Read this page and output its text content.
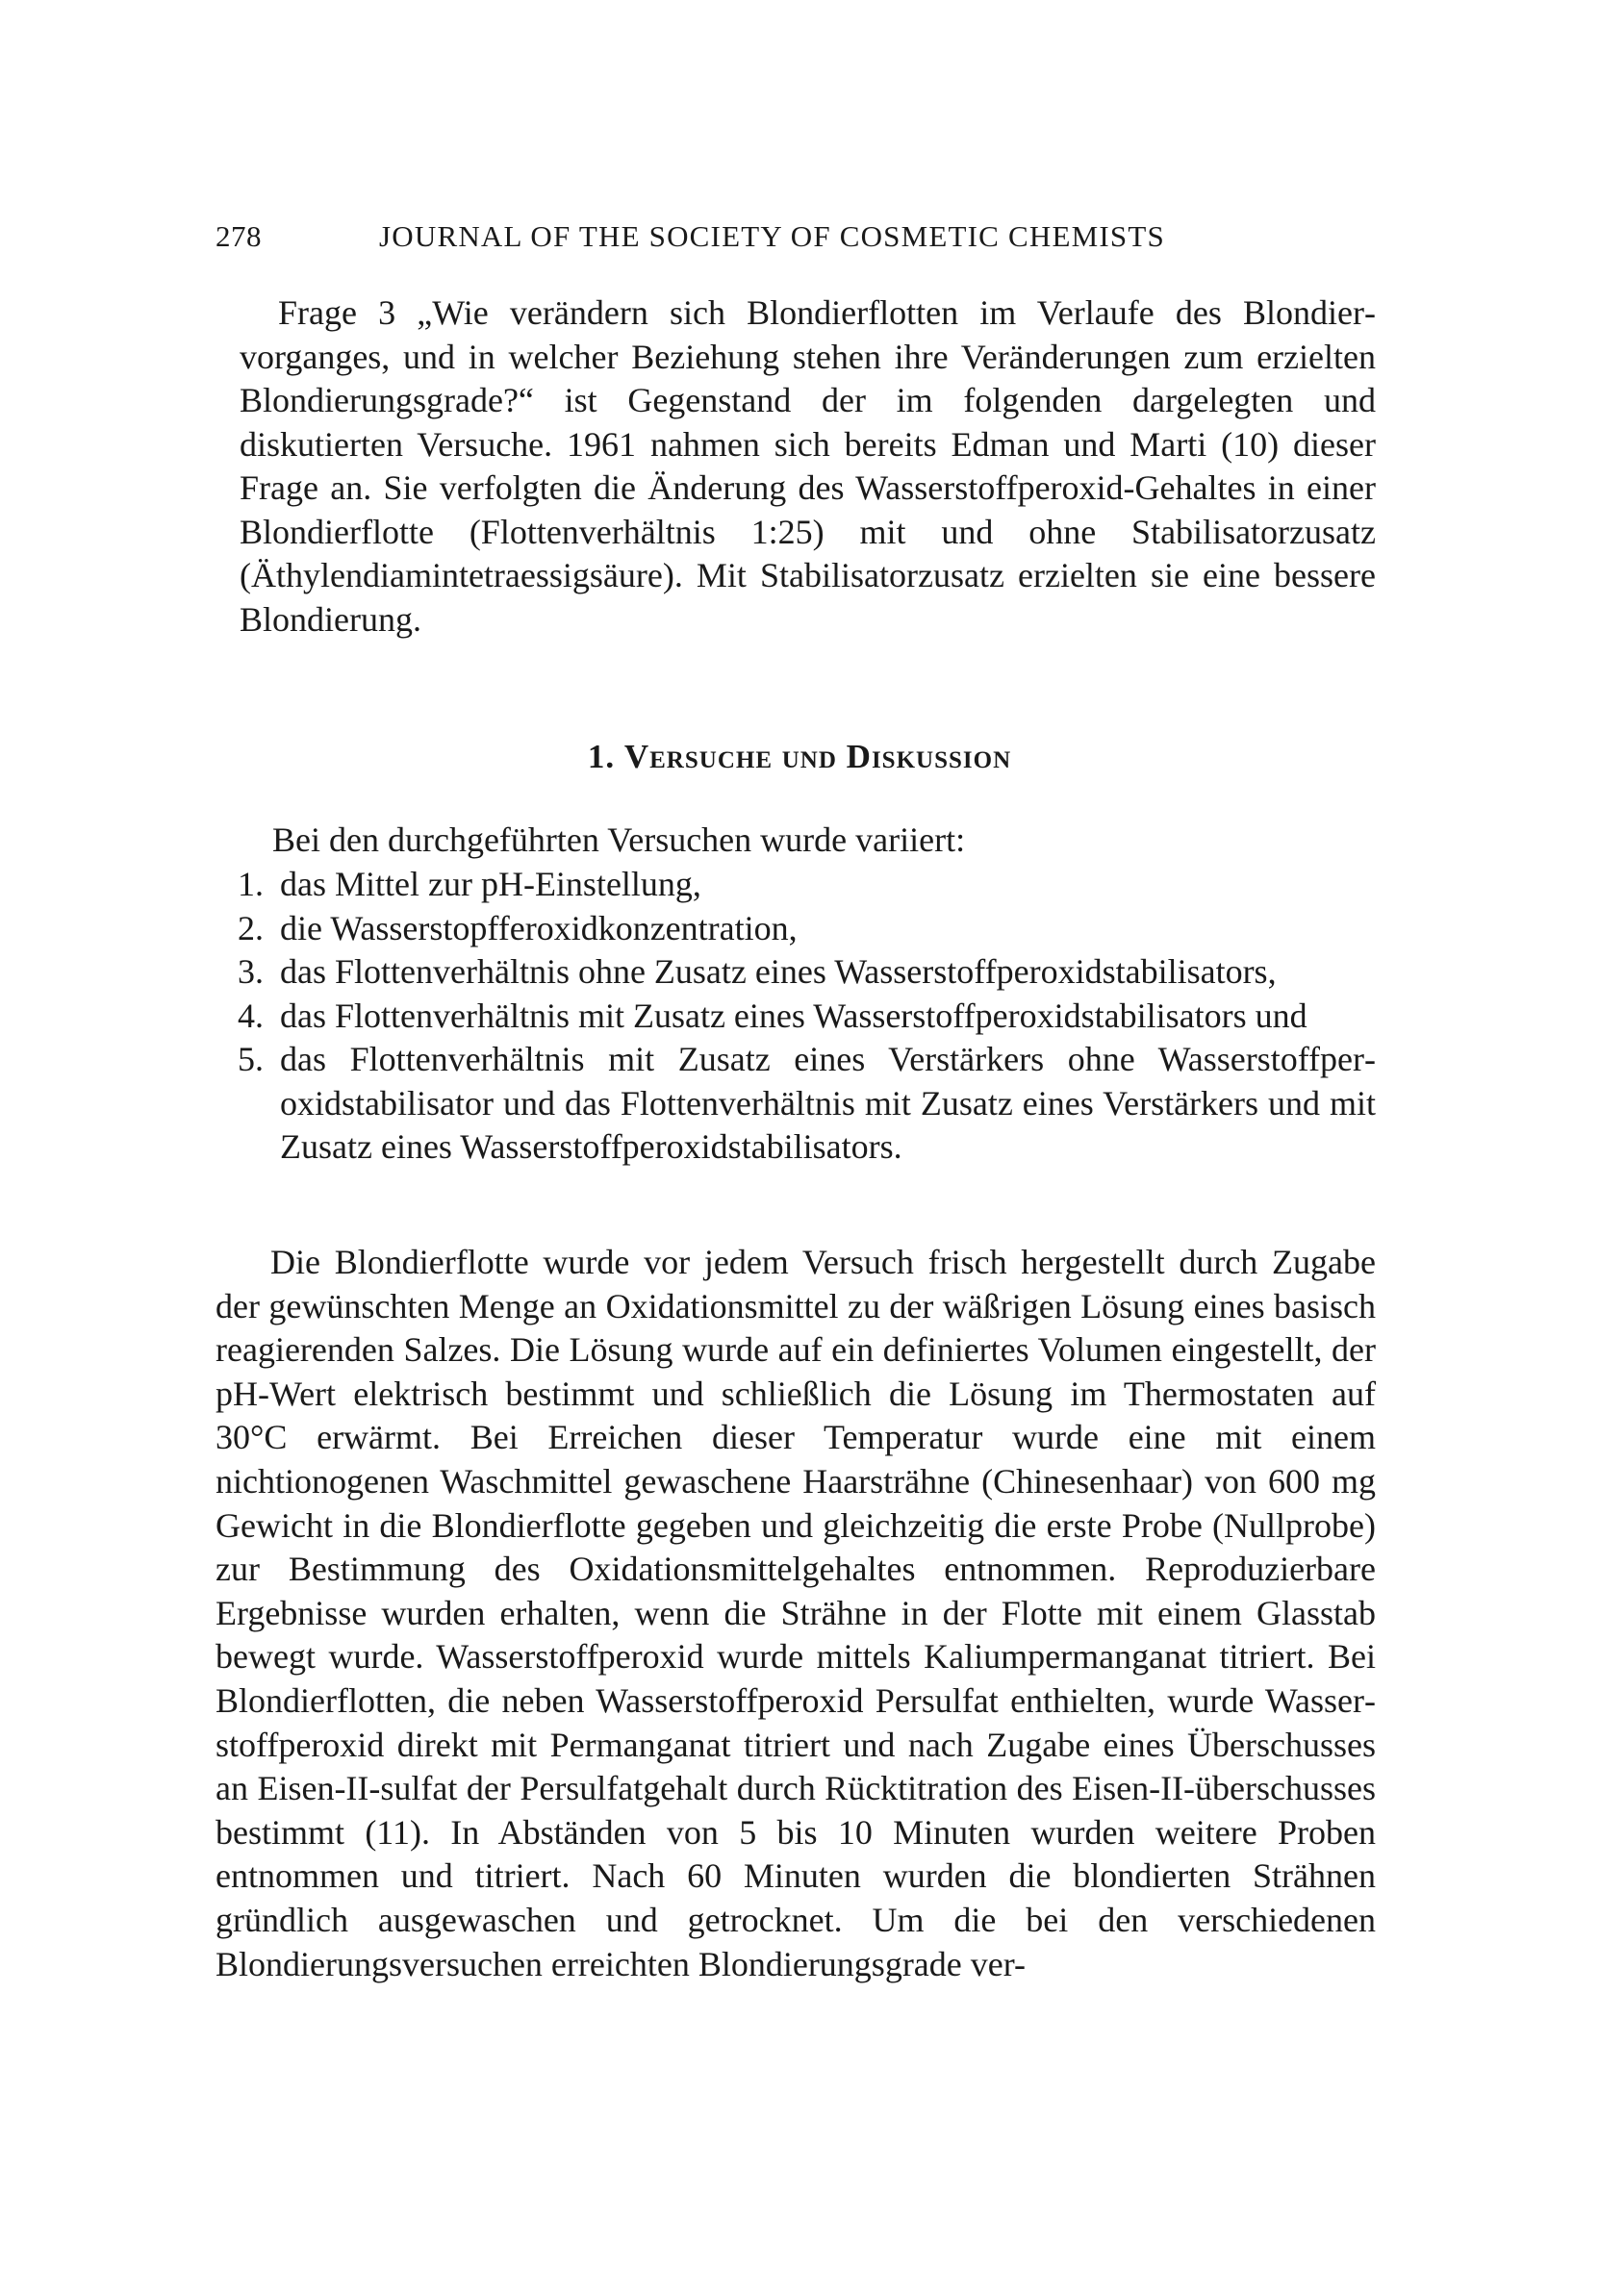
278	JOURNAL OF THE SOCIETY OF COSMETIC CHEMISTS

Frage 3 „Wie verändern sich Blondierflotten im Verlaufe des Blondiervorganges, und in welcher Beziehung stehen ihre Veränderungen zum erzielten Blondierungsgrade?“ ist Gegenstand der im folgenden dargelegten und diskutierten Versuche. 1961 nahmen sich bereits Edman und Marti (10) dieser Frage an. Sie verfolgten die Änderung des Wasserstoffperoxid-Gehaltes in einer Blondierflotte (Flottenverhältnis 1:25) mit und ohne Stabilisatorzusatz (Äthylendiamintetraessigsäure). Mit Stabilisatorzusatz erzielten sie eine bessere Blondierung.

1. Versuche und Diskussion

Bei den durchgeführten Versuchen wurde variiert:

1. das Mittel zur pH-Einstellung,
2. die Wasserstopfferoxidkonzentration,
3. das Flottenverhältnis ohne Zusatz eines Wasserstoffperoxidstabilisators,
4. das Flottenverhältnis mit Zusatz eines Wasserstoffperoxidstabilisators und
5. das Flottenverhältnis mit Zusatz eines Verstärkers ohne Wasserstoffperoxidstabilisator und das Flottenverhältnis mit Zusatz eines Verstärkers und mit Zusatz eines Wasserstoffperoxidstabilisators.

Die Blondierflotte wurde vor jedem Versuch frisch hergestellt durch Zugabe der gewünschten Menge an Oxidationsmittel zu der wäßrigen Lösung eines basisch reagierenden Salzes. Die Lösung wurde auf ein definiertes Volumen eingestellt, der pH-Wert elektrisch bestimmt und schließlich die Lösung im Thermostaten auf 30°C erwärmt. Bei Erreichen dieser Temperatur wurde eine mit einem nichtionogenen Waschmittel gewaschene Haarsträhne (Chinesenhaar) von 600 mg Gewicht in die Blondierflotte gegeben und gleichzeitig die erste Probe (Nullprobe) zur Bestimmung des Oxidationsmittelgehaltes entnommen. Reproduzierbare Ergebnisse wurden erhalten, wenn die Strähne in der Flotte mit einem Glasstab bewegt wurde. Wasserstoffperoxid wurde mittels Kaliumpermanganat titriert. Bei Blondierflotten, die neben Wasserstoffperoxid Persulfat enthielten, wurde Wasserstoffperoxid direkt mit Permanganat titriert und nach Zugabe eines Überschusses an Eisen-II-sulfat der Persulfatgehalt durch Rücktitration des Eisen-II-überschusses bestimmt (11). In Abständen von 5 bis 10 Minuten wurden weitere Proben entnommen und titriert. Nach 60 Minuten wurden die blondierten Strähnen gründlich ausgewaschen und getrocknet. Um die bei den verschiedenen Blondierungsversuchen erreichten Blondierungsgrade ver-
